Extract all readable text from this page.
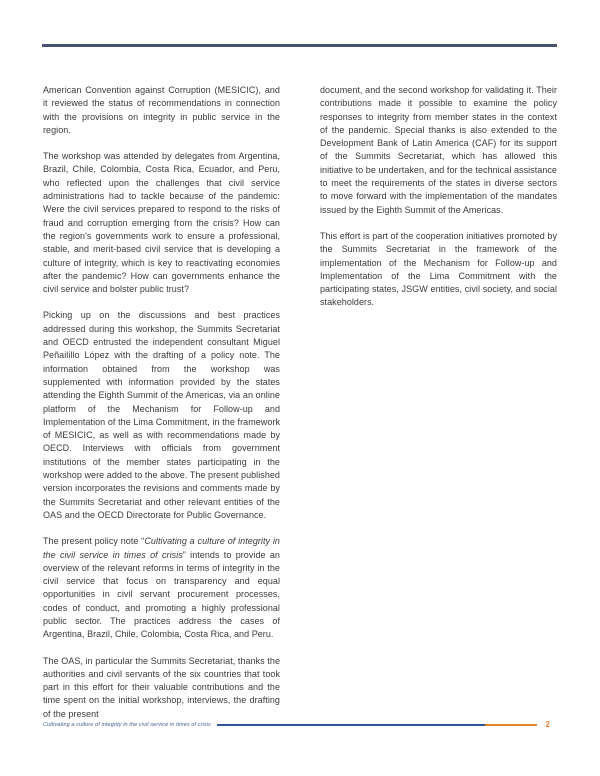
American Convention against Corruption (MESICIC), and it reviewed the status of recommendations in connection with the provisions on integrity in public service in the region.

The workshop was attended by delegates from Argentina, Brazil, Chile, Colombia, Costa Rica, Ecuador, and Peru, who reflected upon the challenges that civil service administrations had to tackle because of the pandemic: Were the civil services prepared to respond to the risks of fraud and corruption emerging from the crisis? How can the region's governments work to ensure a professional, stable, and merit-based civil service that is developing a culture of integrity, which is key to reactivating economies after the pandemic? How can governments enhance the civil service and bolster public trust?

Picking up on the discussions and best practices addressed during this workshop, the Summits Secretariat and OECD entrusted the independent consultant Miguel Peñailillo López with the drafting of a policy note. The information obtained from the workshop was supplemented with information provided by the states attending the Eighth Summit of the Americas, via an online platform of the Mechanism for Follow-up and Implementation of the Lima Commitment, in the framework of MESICIC, as well as with recommendations made by OECD. Interviews with officials from government institutions of the member states participating in the workshop were added to the above. The present published version incorporates the revisions and comments made by the Summits Secretariat and other relevant entities of the OAS and the OECD Directorate for Public Governance.

The present policy note “Cultivating a culture of integrity in the civil service in times of crisis” intends to provide an overview of the relevant reforms in terms of integrity in the civil service that focus on transparency and equal opportunities in civil servant procurement processes, codes of conduct, and promoting a highly professional public sector. The practices address the cases of Argentina, Brazil, Chile, Colombia, Costa Rica, and Peru.

The OAS, in particular the Summits Secretariat, thanks the authorities and civil servants of the six countries that took part in this effort for their valuable contributions and the time spent on the initial workshop, interviews, the drafting of the present

document, and the second workshop for validating it. Their contributions made it possible to examine the policy responses to integrity from member states in the context of the pandemic. Special thanks is also extended to the Development Bank of Latin America (CAF) for its support of the Summits Secretariat, which has allowed this initiative to be undertaken, and for the technical assistance to meet the requirements of the states in diverse sectors to move forward with the implementation of the mandates issued by the Eighth Summit of the Americas.

This effort is part of the cooperation initiatives promoted by the Summits Secretariat in the framework of the implementation of the Mechanism for Follow-up and Implementation of the Lima Commitment with the participating states, JSGW entities, civil society, and social stakeholders.

Cultivating a culture of integrity in the civil service in times of crisis	2
